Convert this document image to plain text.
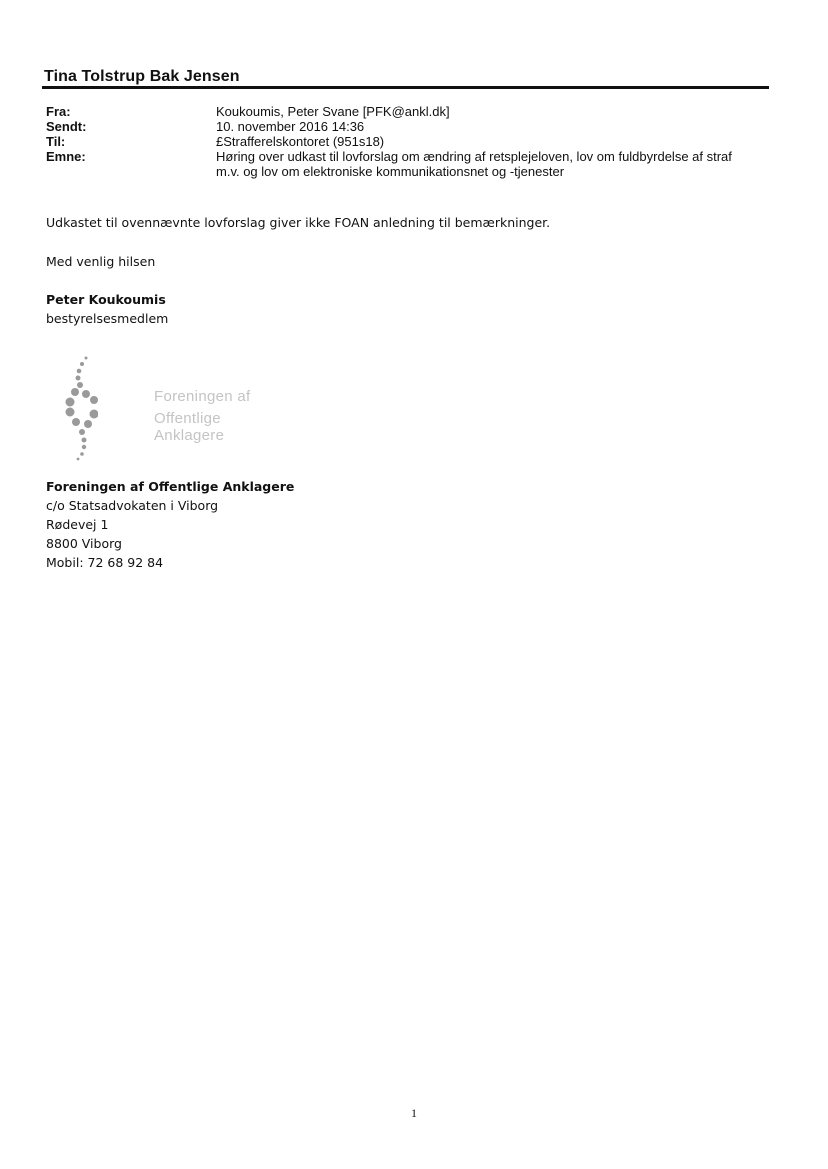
Tina Tolstrup Bak Jensen
Fra:	Koukoumis, Peter Svane [PFK@ankl.dk]
Sendt:	10. november 2016 14:36
Til:	£Strafferelskontoret (951s18)
Emne:	Høring over udkast til lovforslag om ændring af retsplejeloven, lov om fuldbyrdelse af straf
m.v. og lov om elektroniske kommunikationsnet og -tjenester
Udkastet til ovennævnte lovforslag giver ikke FOAN anledning til bemærkninger.
Med venlig hilsen
Peter Koukoumis
bestyrelsesmedlem
Foreningen af
Offentlige Anklagere
Foreningen af Offentlige Anklagere
c/o Statsadvokaten i Viborg
Rødevej 1
8800 Viborg
Mobil: 72 68 92 84
1
